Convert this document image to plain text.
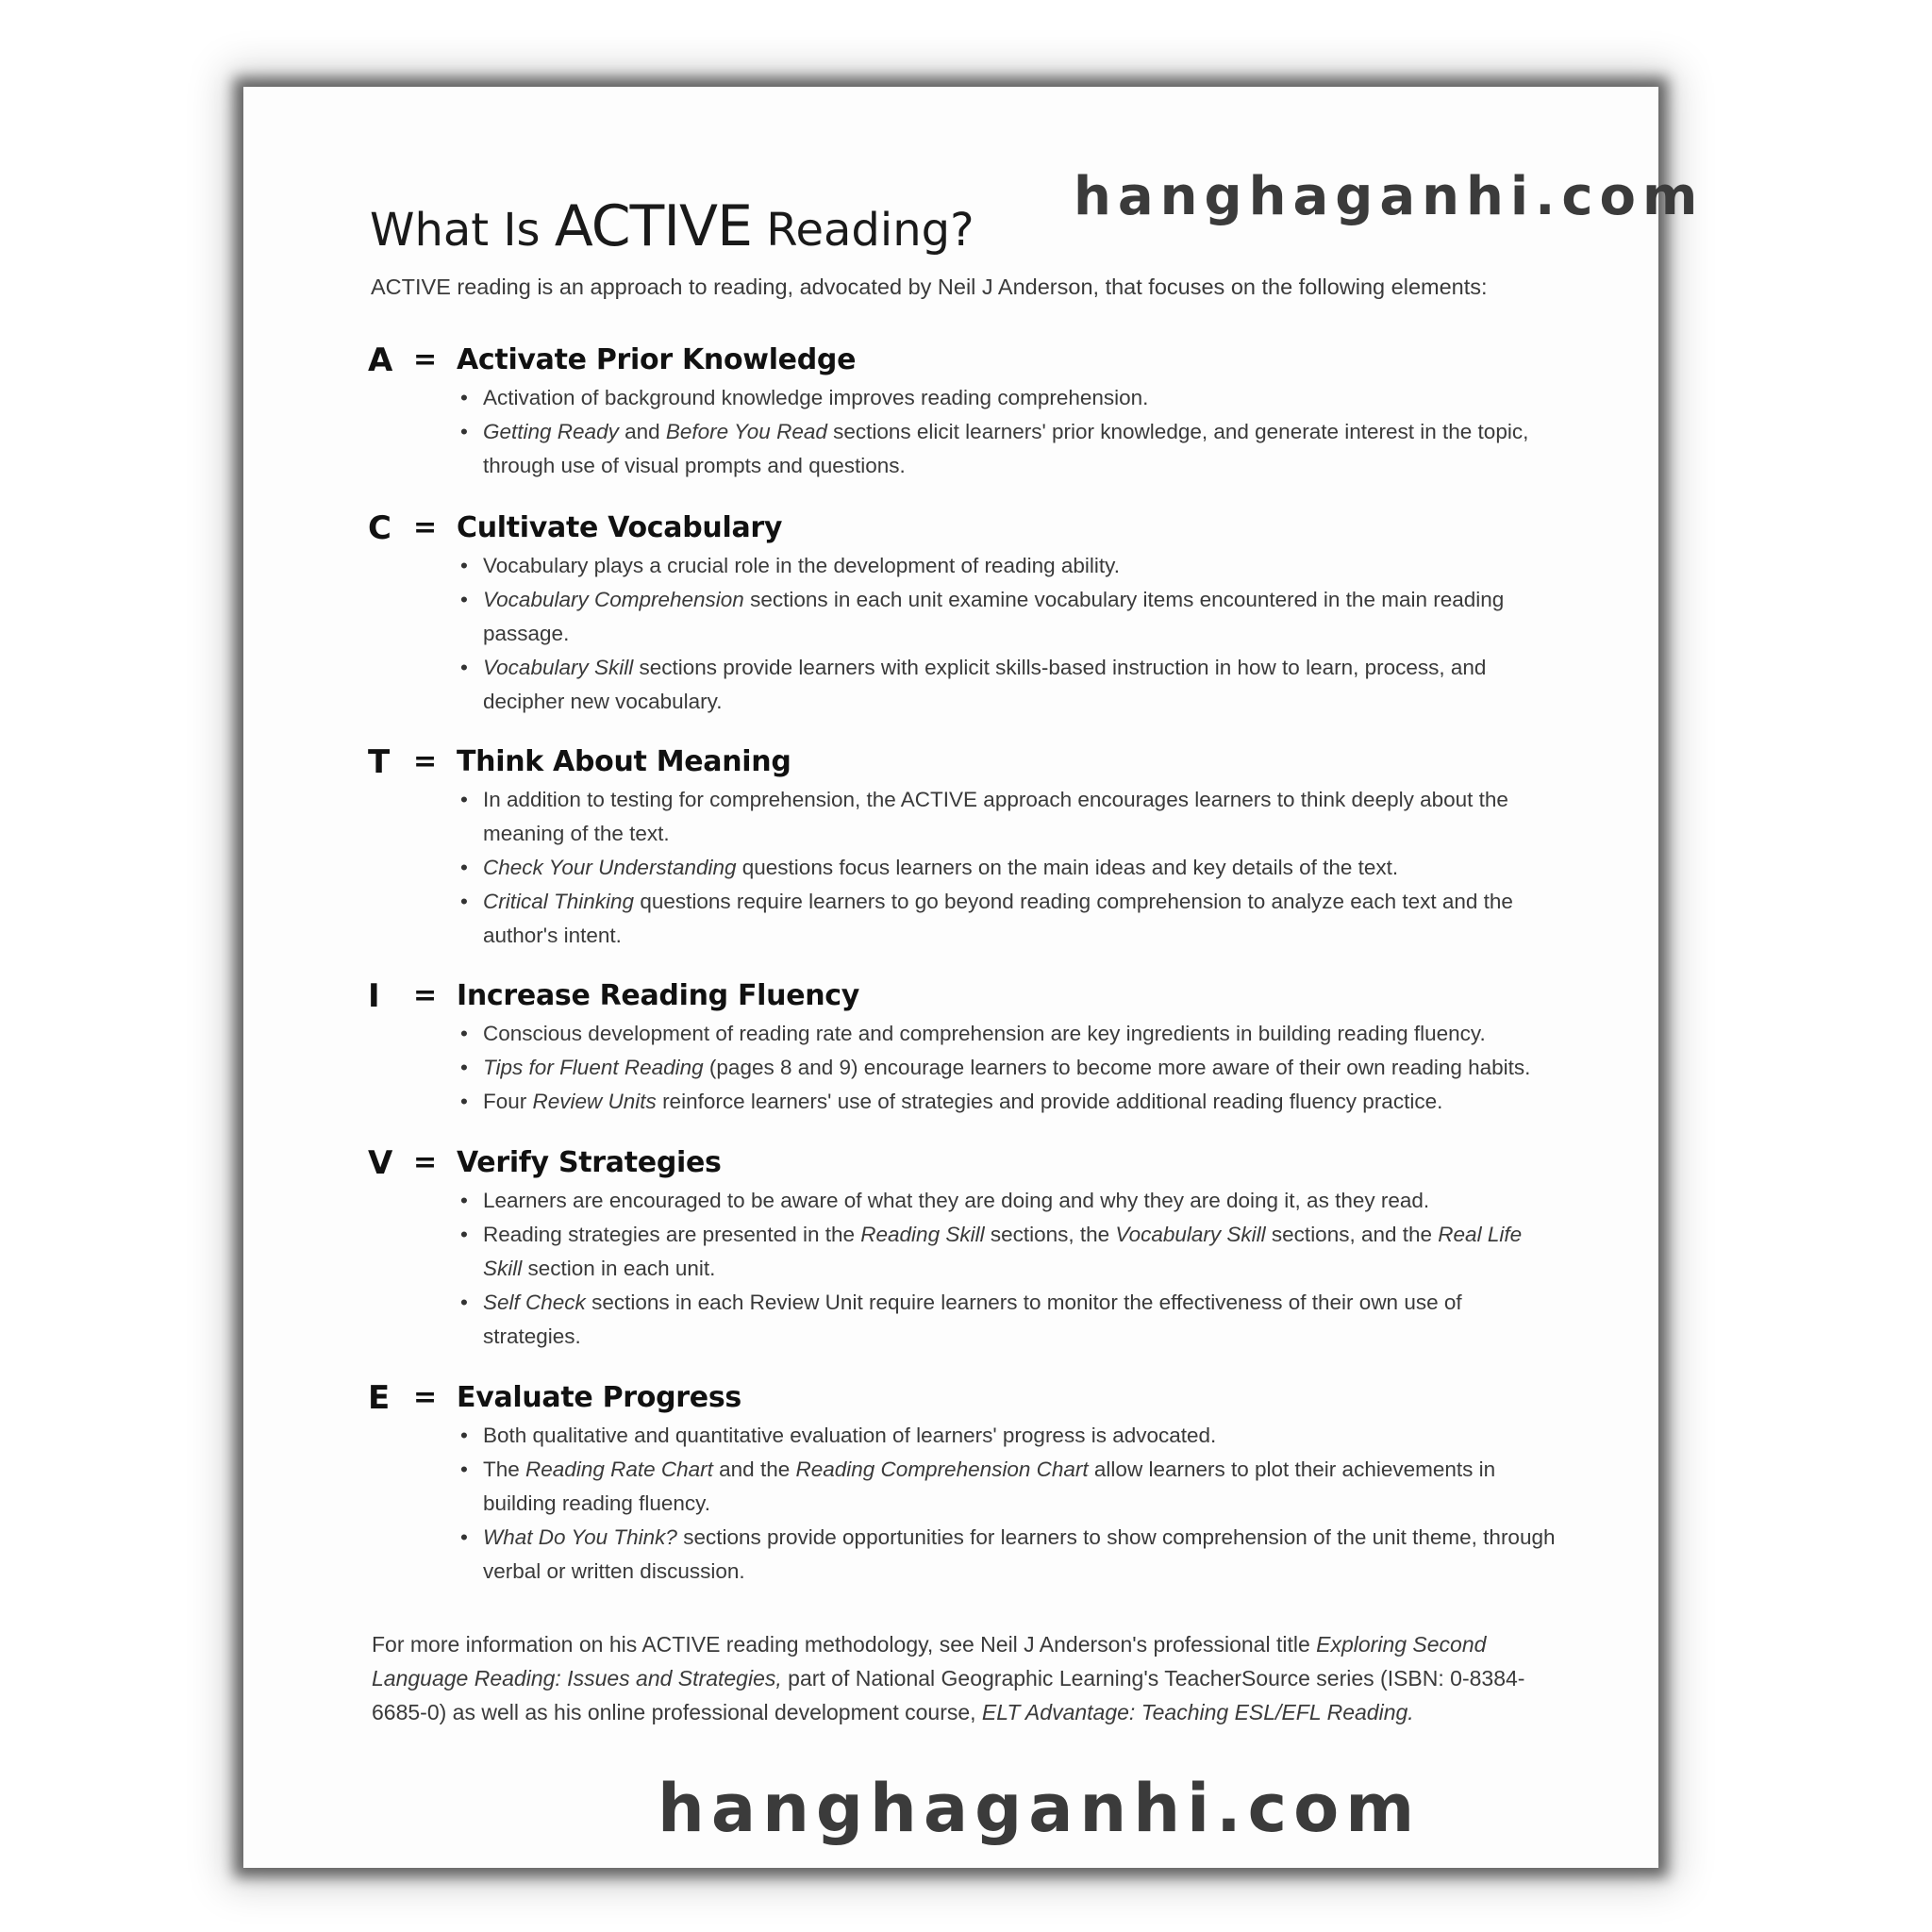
hanghaganhi.com
What Is ACTIVE Reading?

ACTIVE reading is an approach to reading, advocated by Neil J Anderson, that focuses on the following elements:

A = Activate Prior Knowledge
• Activation of background knowledge improves reading comprehension.
• Getting Ready and Before You Read sections elicit learners' prior knowledge, and generate interest in the topic, through use of visual prompts and questions.
C = Cultivate Vocabulary
• Vocabulary plays a crucial role in the development of reading ability.
• Vocabulary Comprehension sections in each unit examine vocabulary items encountered in the main reading passage.
• Vocabulary Skill sections provide learners with explicit skills-based instruction in how to learn, process, and decipher new vocabulary.
T = Think About Meaning
• In addition to testing for comprehension, the ACTIVE approach encourages learners to think deeply about the meaning of the text.
• Check Your Understanding questions focus learners on the main ideas and key details of the text.
• Critical Thinking questions require learners to go beyond reading comprehension to analyze each text and the author's intent.
I = Increase Reading Fluency
• Conscious development of reading rate and comprehension are key ingredients in building reading fluency.
• Tips for Fluent Reading (pages 8 and 9) encourage learners to become more aware of their own reading habits.
• Four Review Units reinforce learners' use of strategies and provide additional reading fluency practice.
V = Verify Strategies
• Learners are encouraged to be aware of what they are doing and why they are doing it, as they read.
• Reading strategies are presented in the Reading Skill sections, the Vocabulary Skill sections, and the Real Life Skill section in each unit.
• Self Check sections in each Review Unit require learners to monitor the effectiveness of their own use of strategies.
E = Evaluate Progress
• Both qualitative and quantitative evaluation of learners' progress is advocated.
• The Reading Rate Chart and the Reading Comprehension Chart allow learners to plot their achievements in building reading fluency.
• What Do You Think? sections provide opportunities for learners to show comprehension of the unit theme, through verbal or written discussion.

For more information on his ACTIVE reading methodology, see Neil J Anderson's professional title Exploring Second Language Reading: Issues and Strategies, part of National Geographic Learning's TeacherSource series (ISBN: 0-8384-6685-0) as well as his online professional development course, ELT Advantage: Teaching ESL/EFL Reading.

hanghaganhi.com
